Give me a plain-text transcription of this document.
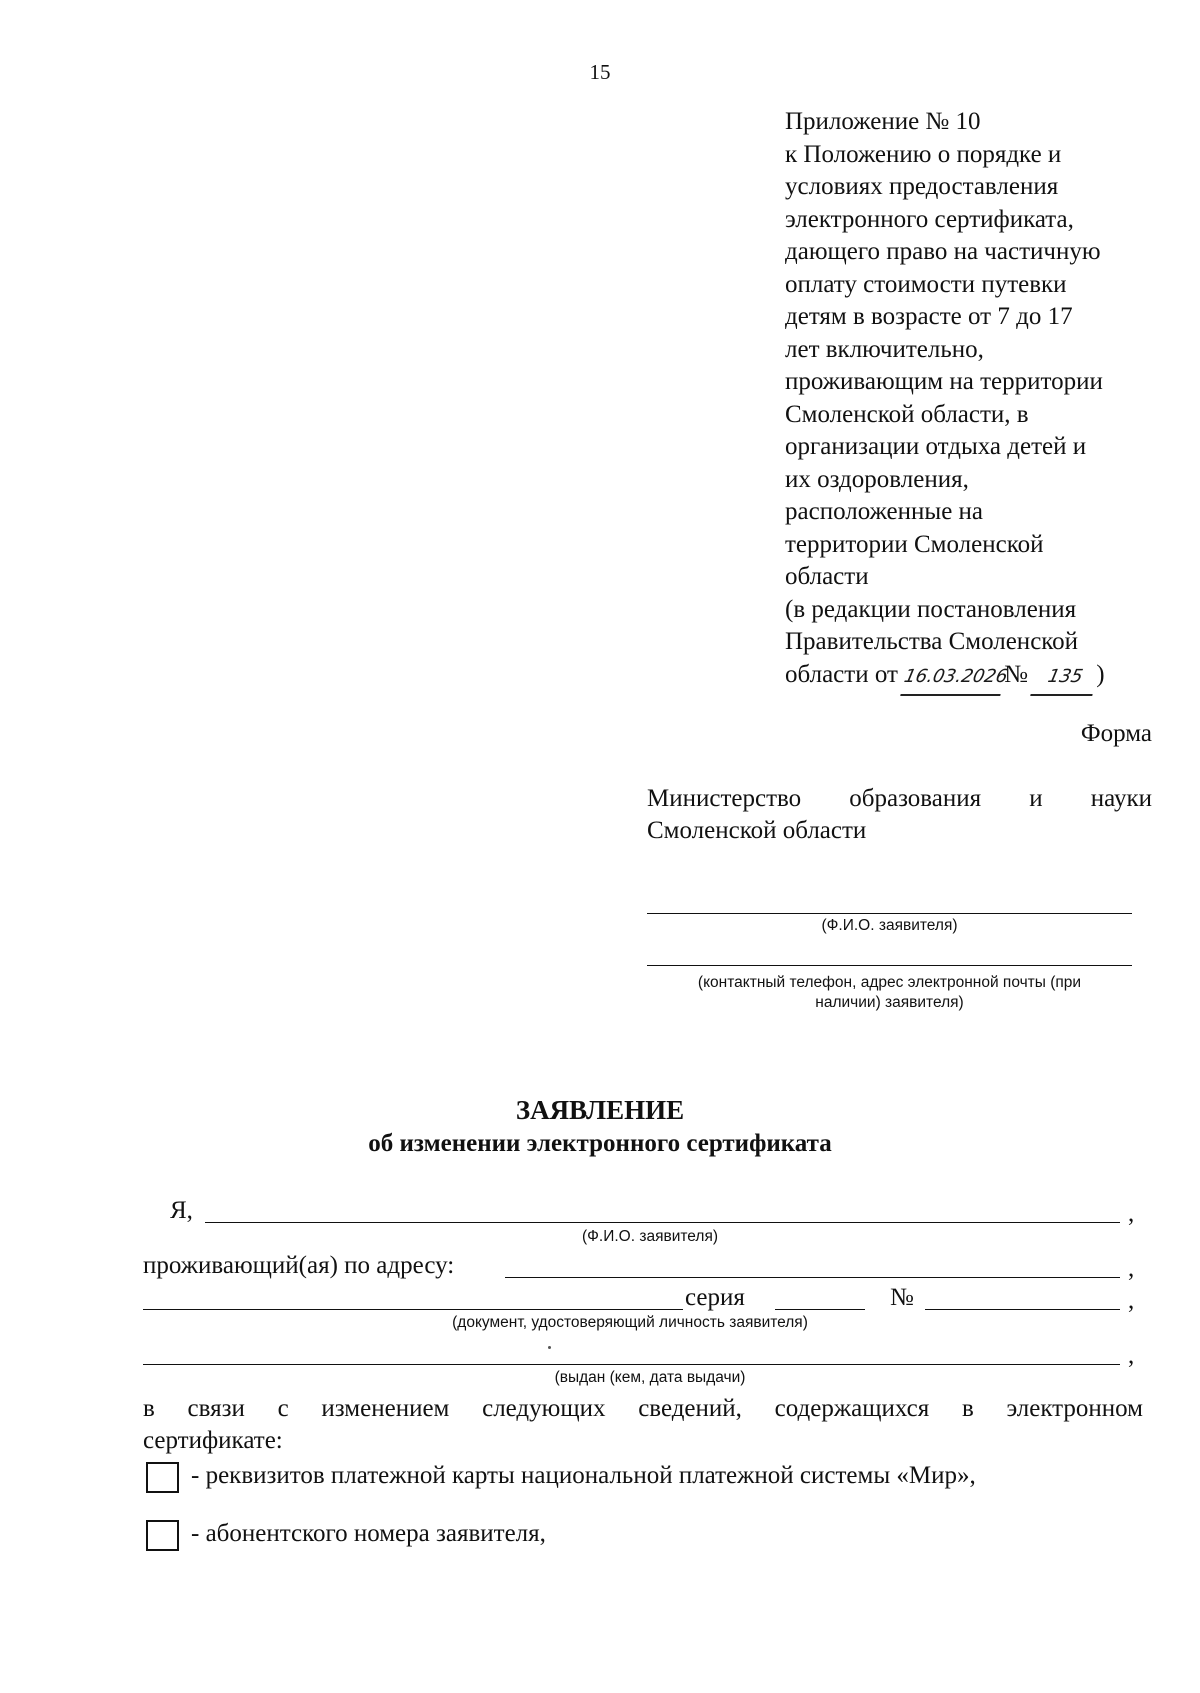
15
Приложение № 10
к Положению о порядке и
условиях предоставления
электронного сертификата,
дающего право на частичную
оплату стоимости путевки
детям в возрасте от 7 до 17
лет включительно,
проживающим на территории
Смоленской области, в
организации отдыха детей и
их оздоровления,
расположенные на
территории Смоленской
области
(в редакции постановления
Правительства Смоленской
области от 16.03.2026№ 135 )
Форма
Министерство образования и науки
Смоленской области
(Ф.И.О. заявителя)
(контактный телефон, адрес электронной почты (при
наличии) заявителя)
ЗАЯВЛЕНИЕ
об изменении электронного сертификата
Я,	,
(Ф.И.О. заявителя)
проживающий(ая) по адресу:	,
серия	№	,
(документ, удостоверяющий личность заявителя)
,
(выдан (кем, дата выдачи)
в связи с изменением следующих сведений, содержащихся в электронном
сертификате:
- реквизитов платежной карты национальной платежной системы «Мир»,
- абонентского номера заявителя,
